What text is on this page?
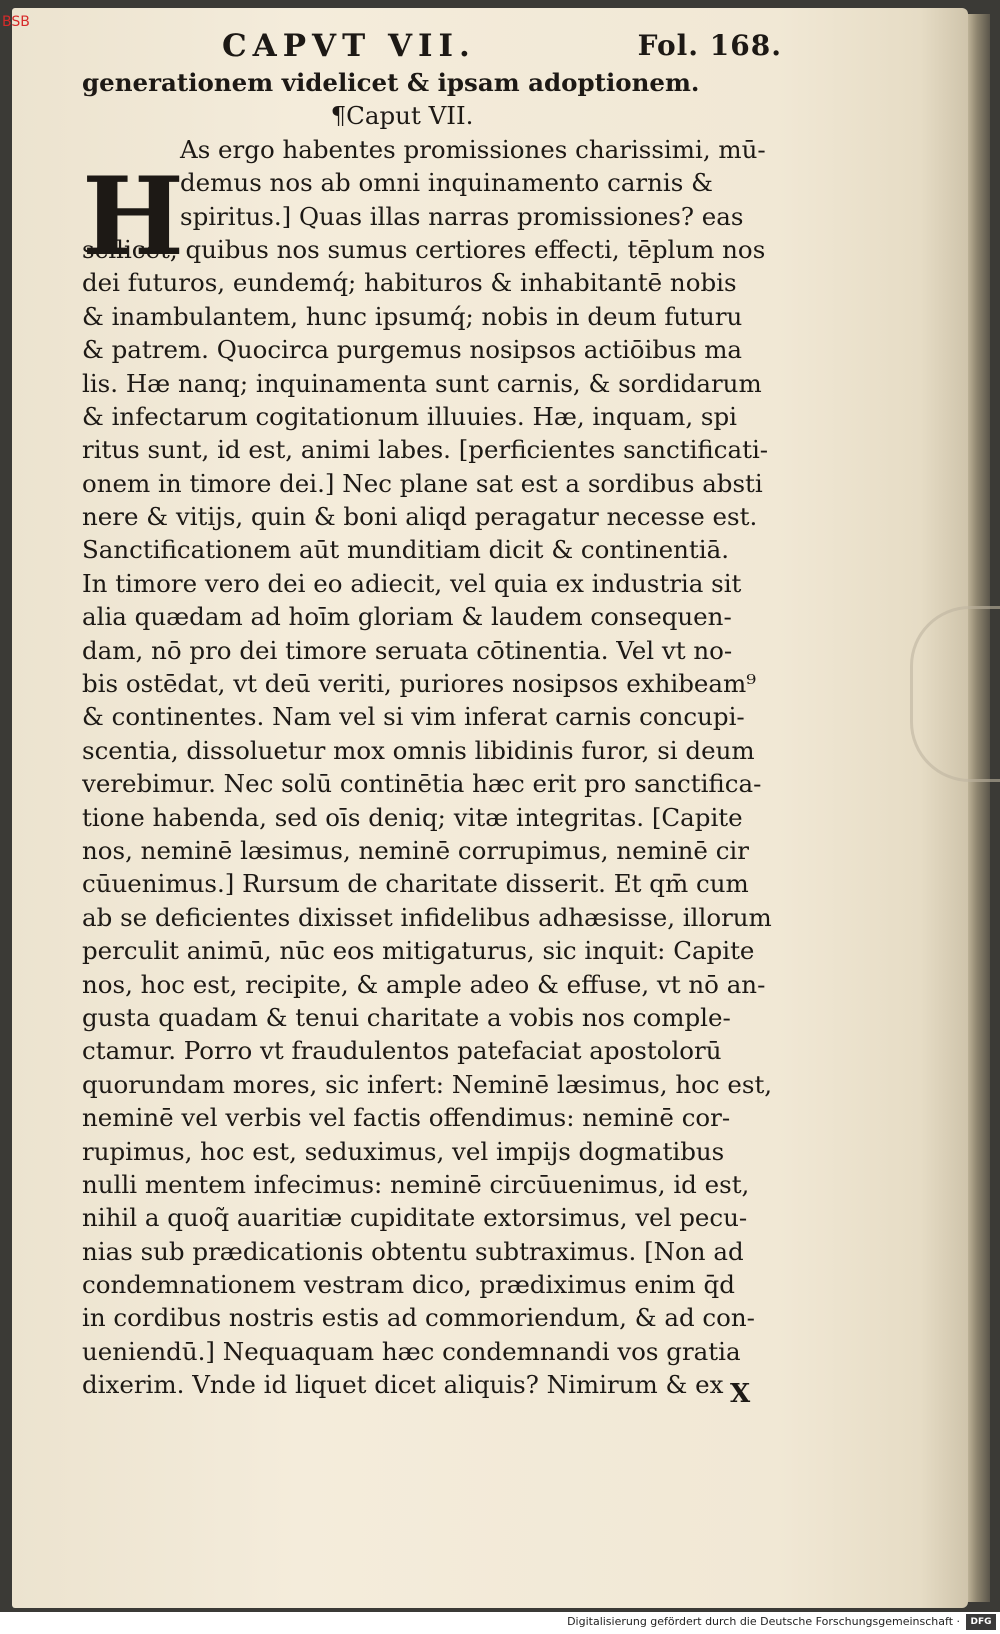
BSB
CAPVT VII.	Fol. 168.
generationem videlicet & ipsam adoptionem.
¶Caput VII.
As ergo habentes promissiones charissimi, mū-
demus nos ab omni inquinamento carnis &
spiritus.] Quas illas narras promissiones? eas
scilicet, quibus nos sumus certiores effecti, tēplum nos
dei futuros, eundemq́; habituros & inhabitantē nobis
& inambulantem, hunc ipsumq́; nobis in deum futuru
& patrem. Quocirca purgemus nosipsos actiōibus ma
lis. Hæ nanq; inquinamenta sunt carnis, & sordidarum
& infectarum cogitationum illuuies. Hæ, inquam, spi
ritus sunt, id est, animi labes. [perficientes sanctificati-
onem in timore dei.] Nec plane sat est a sordibus absti
nere & vitijs, quin & boni aliqd peragatur necesse est.
Sanctificationem aūt munditiam dicit & continentiā.
In timore vero dei eo adiecit, vel quia ex industria sit
alia quædam ad hoīm gloriam & laudem consequen-
dam, nō pro dei timore seruata cōtinentia. Vel vt no-
bis ostēdat, vt deū veriti, puriores nosipsos exhibeam⁹
& continentes. Nam vel si vim inferat carnis concupi-
scentia, dissoluetur mox omnis libidinis furor, si deum
verebimur. Nec solū continētia hæc erit pro sanctifica-
tione habenda, sed oīs deniq; vitæ integritas. [Capite
nos, neminē læsimus, neminē corrupimus, neminē cir
cūuenimus.] Rursum de charitate disserit. Et qm̄ cum
ab se deficientes dixisset infidelibus adhæsisse, illorum
perculit animū, nūc eos mitigaturus, sic inquit: Capite
nos, hoc est, recipite, & ample adeo & effuse, vt nō an-
gusta quadam & tenui charitate a vobis nos comple-
ctamur. Porro vt fraudulentos patefaciat apostolorū
quorundam mores, sic infert: Neminē læsimus, hoc est,
neminē vel verbis vel factis offendimus: neminē cor-
rupimus, hoc est, seduximus, vel impijs dogmatibus
nulli mentem infecimus: neminē circūuenimus, id est,
nihil a quoq̃ auaritiæ cupiditate extorsimus, vel pecu-
nias sub prædicationis obtentu subtraximus. [Non ad
condemnationem vestram dico, prædiximus enim q̄d
in cordibus nostris estis ad commoriendum, & ad con-
ueniendū.] Nequaquam hæc condemnandi vos gratia
dixerim. Vnde id liquet dicet aliquis? Nimirum & ex
H
X
Digitalisierung gefördert durch die Deutsche Forschungsgemeinschaft ·	DFG
